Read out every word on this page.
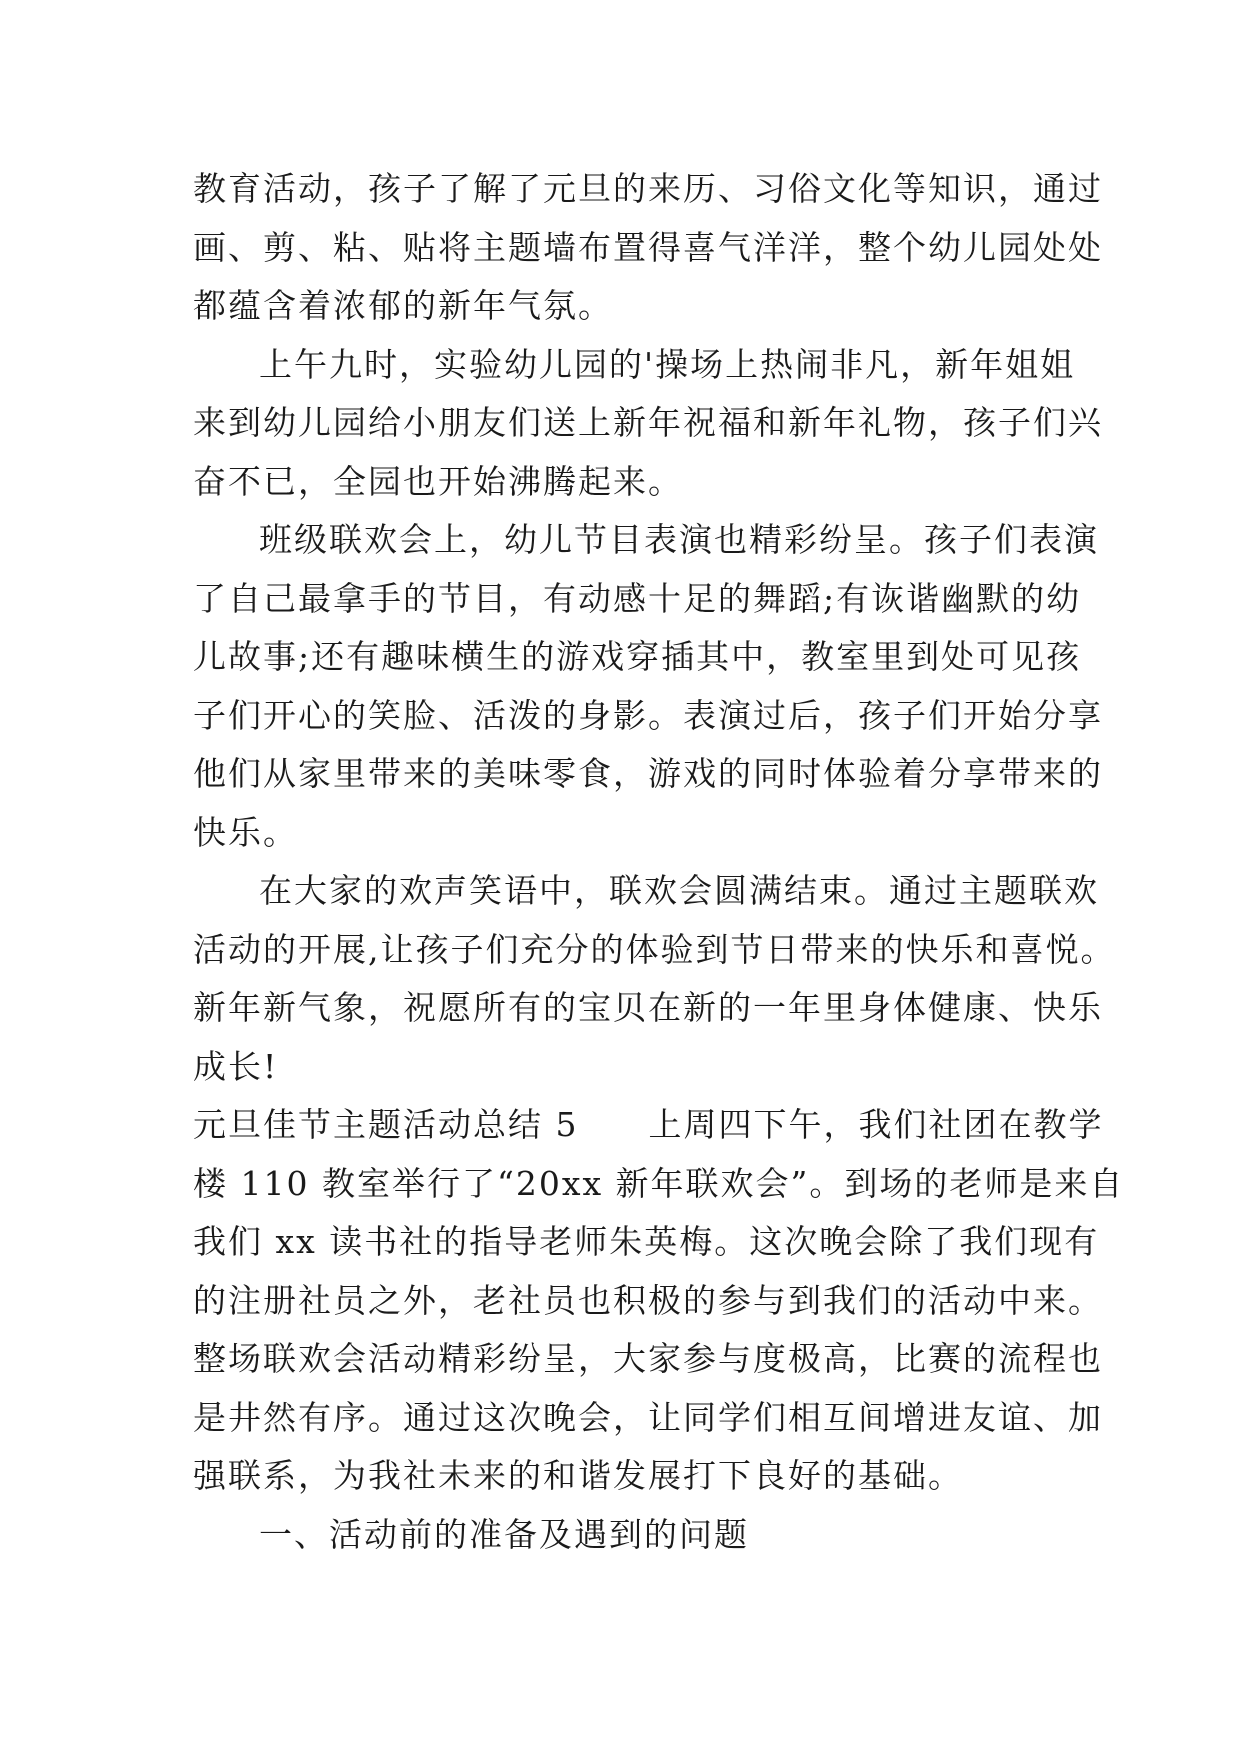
教育活动，孩子了解了元旦的来历、习俗文化等知识，通过
画、剪、粘、贴将主题墙布置得喜气洋洋，整个幼儿园处处
都蕴含着浓郁的新年气氛。
上午九时，实验幼儿园的'操场上热闹非凡，新年姐姐
来到幼儿园给小朋友们送上新年祝福和新年礼物，孩子们兴
奋不已，全园也开始沸腾起来。
班级联欢会上，幼儿节目表演也精彩纷呈。孩子们表演
了自己最拿手的节目，有动感十足的舞蹈;有诙谐幽默的幼
儿故事;还有趣味横生的游戏穿插其中，教室里到处可见孩
子们开心的笑脸、活泼的身影。表演过后，孩子们开始分享
他们从家里带来的美味零食，游戏的同时体验着分享带来的
快乐。
在大家的欢声笑语中，联欢会圆满结束。通过主题联欢
活动的开展,让孩子们充分的体验到节日带来的快乐和喜悦。
新年新气象，祝愿所有的宝贝在新的一年里身体健康、快乐
成长!
元旦佳节主题活动总结 5　　上周四下午，我们社团在教学
楼 110 教室举行了“20xx 新年联欢会”。到场的老师是来自
我们 xx 读书社的指导老师朱英梅。这次晚会除了我们现有
的注册社员之外，老社员也积极的参与到我们的活动中来。
整场联欢会活动精彩纷呈，大家参与度极高，比赛的流程也
是井然有序。通过这次晚会，让同学们相互间增进友谊、加
强联系，为我社未来的和谐发展打下良好的基础。
一、活动前的准备及遇到的问题
